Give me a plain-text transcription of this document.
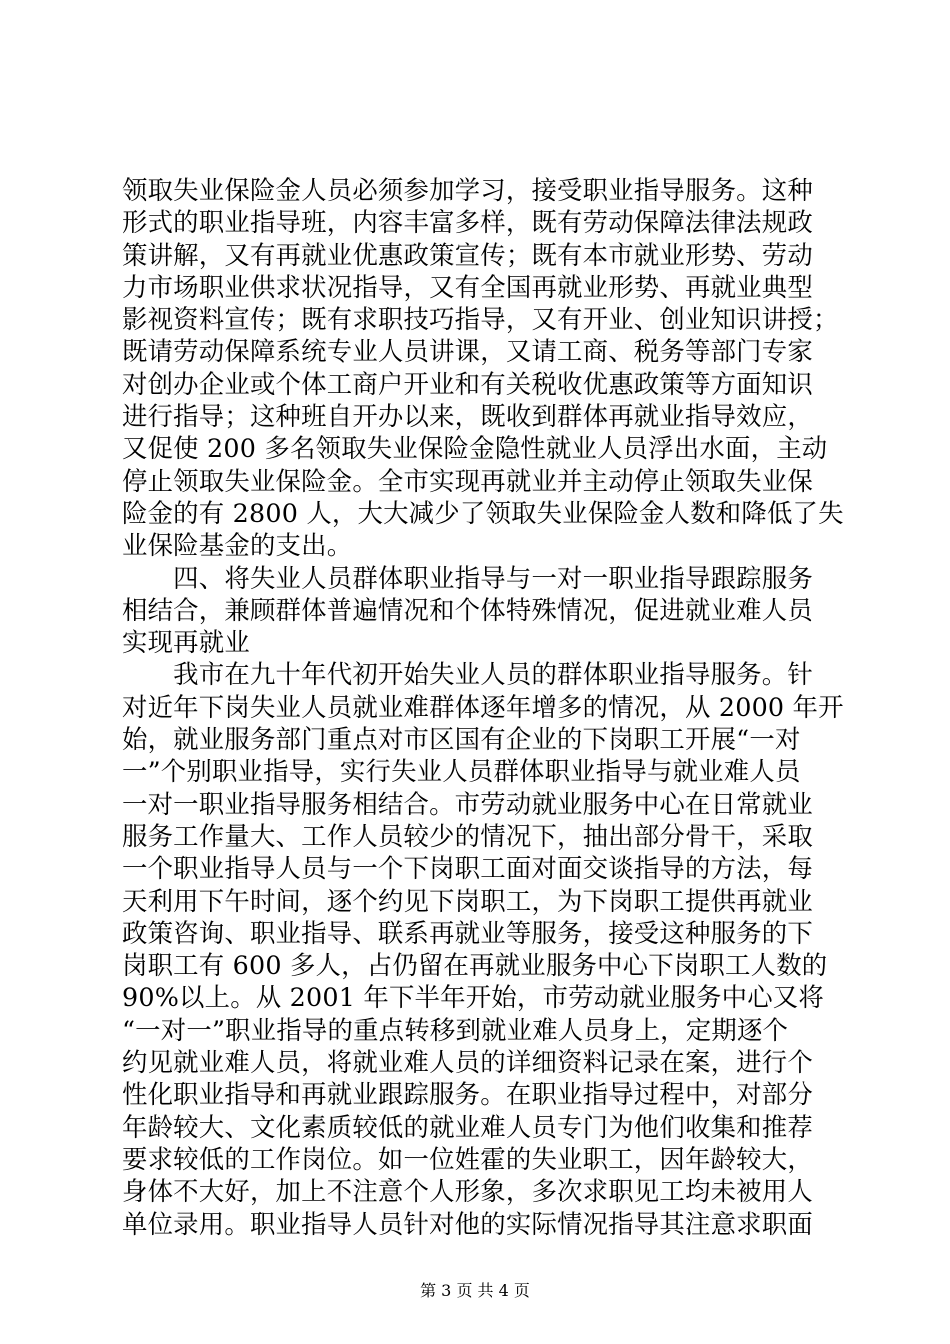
领取失业保险金人员必须参加学习，接受职业指导服务。这种
形式的职业指导班，内容丰富多样，既有劳动保障法律法规政
策讲解，又有再就业优惠政策宣传；既有本市就业形势、劳动
力市场职业供求状况指导，又有全国再就业形势、再就业典型
影视资料宣传；既有求职技巧指导，又有开业、创业知识讲授；
既请劳动保障系统专业人员讲课，又请工商、税务等部门专家
对创办企业或个体工商户开业和有关税收优惠政策等方面知识
进行指导；这种班自开办以来，既收到群体再就业指导效应，
又促使 200 多名领取失业保险金隐性就业人员浮出水面，主动
停止领取失业保险金。全市实现再就业并主动停止领取失业保
险金的有 2800 人，大大减少了领取失业保险金人数和降低了失
业保险基金的支出。
　　四、将失业人员群体职业指导与一对一职业指导跟踪服务
相结合，兼顾群体普遍情况和个体特殊情况，促进就业难人员
实现再就业
　　我市在九十年代初开始失业人员的群体职业指导服务。针
对近年下岗失业人员就业难群体逐年增多的情况，从 2000 年开
始，就业服务部门重点对市区国有企业的下岗职工开展“一对
一”个别职业指导，实行失业人员群体职业指导与就业难人员
一对一职业指导服务相结合。市劳动就业服务中心在日常就业
服务工作量大、工作人员较少的情况下，抽出部分骨干，采取
一个职业指导人员与一个下岗职工面对面交谈指导的方法，每
天利用下午时间，逐个约见下岗职工，为下岗职工提供再就业
政策咨询、职业指导、联系再就业等服务，接受这种服务的下
岗职工有 600 多人，占仍留在再就业服务中心下岗职工人数的
90%以上。从 2001 年下半年开始，市劳动就业服务中心又将
“一对一”职业指导的重点转移到就业难人员身上，定期逐个
约见就业难人员，将就业难人员的详细资料记录在案，进行个
性化职业指导和再就业跟踪服务。在职业指导过程中，对部分
年龄较大、文化素质较低的就业难人员专门为他们收集和推荐
要求较低的工作岗位。如一位姓霍的失业职工，因年龄较大，
身体不大好，加上不注意个人形象，多次求职见工均未被用人
单位录用。职业指导人员针对他的实际情况指导其注意求职面
第 3 页 共 4 页
